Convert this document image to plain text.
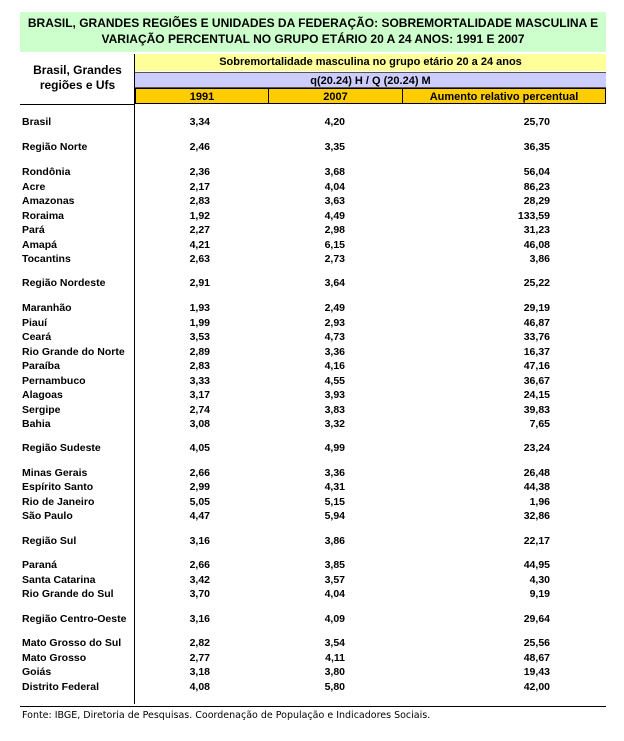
BRASIL, GRANDES REGIÕES E UNIDADES DA FEDERAÇÃO: SOBREMORTALIDADE MASCULINA E
VARIAÇÃO PERCENTUAL NO GRUPO ETÁRIO 20 A 24 ANOS: 1991 E 2007
Brasil, Grandes
regiões e Ufs
Sobremortalidade masculina no grupo etário 20 a 24 anos
q(20.24) H / Q (20.24) M
1991	2007	Aumento relativo percentual
Brasil	3,34	4,20	25,70
Região Norte	2,46	3,35	36,35
Rondônia	2,36	3,68	56,04
Acre	2,17	4,04	86,23
Amazonas	2,83	3,63	28,29
Roraima	1,92	4,49	133,59
Pará	2,27	2,98	31,23
Amapá	4,21	6,15	46,08
Tocantins	2,63	2,73	3,86
Região Nordeste	2,91	3,64	25,22
Maranhão	1,93	2,49	29,19
Piauí	1,99	2,93	46,87
Ceará	3,53	4,73	33,76
Rio Grande do Norte	2,89	3,36	16,37
Paraíba	2,83	4,16	47,16
Pernambuco	3,33	4,55	36,67
Alagoas	3,17	3,93	24,15
Sergipe	2,74	3,83	39,83
Bahia	3,08	3,32	7,65
Região Sudeste	4,05	4,99	23,24
Minas Gerais	2,66	3,36	26,48
Espírito Santo	2,99	4,31	44,38
Rio de Janeiro	5,05	5,15	1,96
São Paulo	4,47	5,94	32,86
Região Sul	3,16	3,86	22,17
Paraná	2,66	3,85	44,95
Santa Catarina	3,42	3,57	4,30
Rio Grande do Sul	3,70	4,04	9,19
Região Centro-Oeste	3,16	4,09	29,64
Mato Grosso do Sul	2,82	3,54	25,56
Mato Grosso	2,77	4,11	48,67
Goiás	3,18	3,80	19,43
Distrito Federal	4,08	5,80	42,00
Fonte: IBGE, Diretoria de Pesquisas. Coordenação de População e Indicadores Sociais.
